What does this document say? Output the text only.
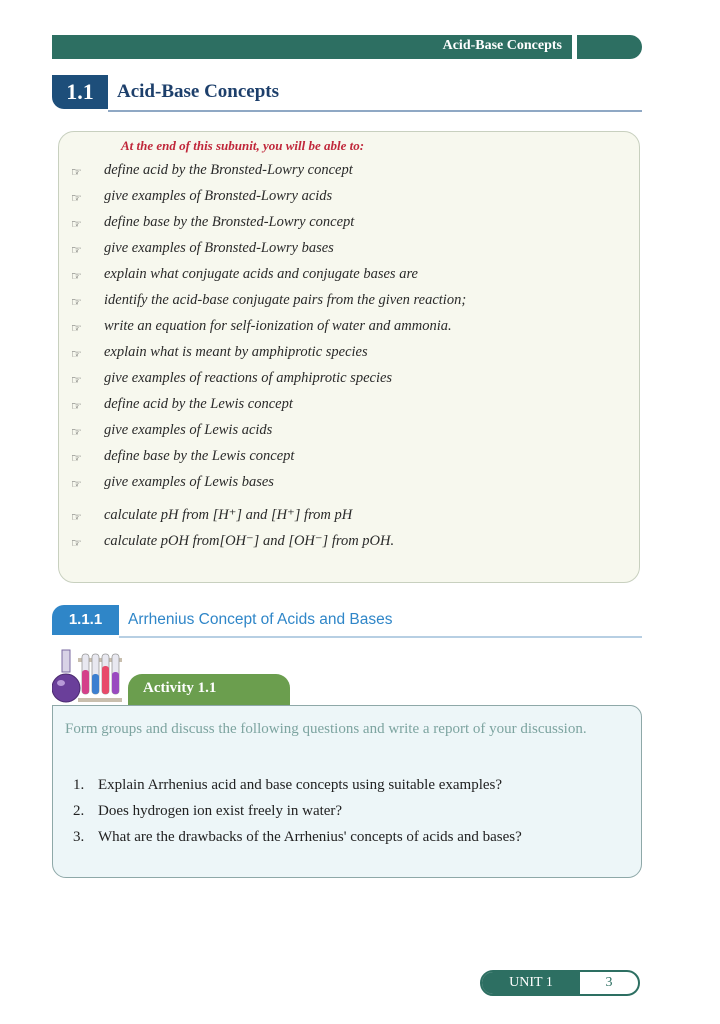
Acid-Base Concepts
1.1	Acid-Base Concepts
At the end of this subunit, you will be able to:
☞ define acid by the Bronsted-Lowry concept
☞ give examples of Bronsted-Lowry acids
☞ define base by the Bronsted-Lowry concept
☞ give examples of Bronsted-Lowry bases
☞ explain what conjugate acids and conjugate bases are
☞ identify the acid-base conjugate pairs from the given reaction;
☞ write an equation for self-ionization of water and ammonia.
☞ explain what is meant by amphiprotic species
☞ give examples of reactions of amphiprotic species
☞ define acid by the Lewis concept
☞ give examples of Lewis acids
☞ define base by the Lewis concept
☞ give examples of Lewis bases
☞ calculate pH from [H⁺] and [H⁺] from pH
☞ calculate pOH from[OH⁻] and [OH⁻] from pOH.
1.1.1	Arrhenius Concept of Acids and Bases
Activity 1.1
Form groups and discuss the following questions and write a report of your discussion.
1. Explain Arrhenius acid and base concepts using suitable examples?
2. Does hydrogen ion exist freely in water?
3. What are the drawbacks of the Arrhenius' concepts of acids and bases?
UNIT 1	3
